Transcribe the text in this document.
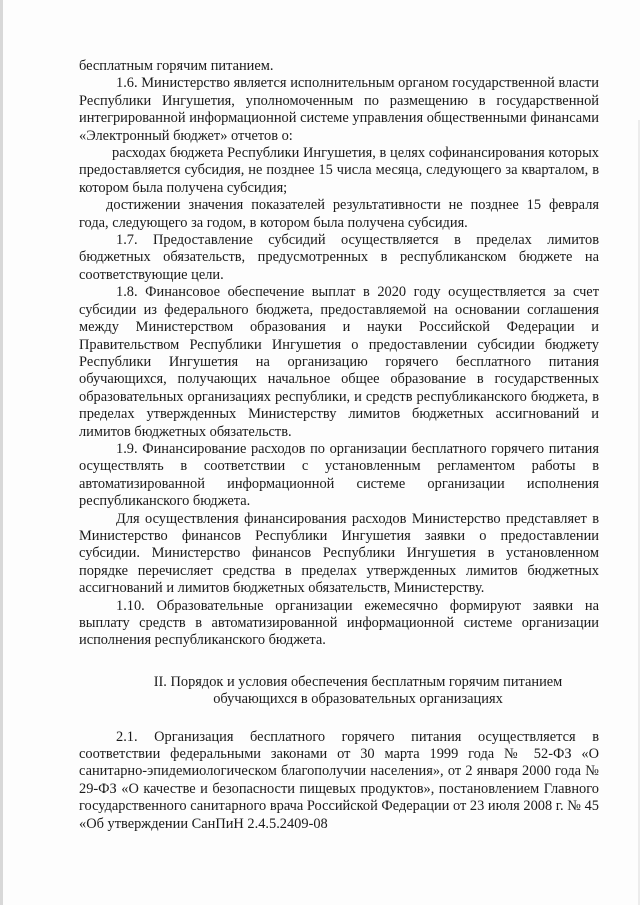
бесплатным горячим питанием.

1.6. Министерство является исполнительным органом государственной власти Республики Ингушетия, уполномоченным по размещению в государственной интегрированной информационной системе управления общественными финансами «Электронный бюджет» отчетов о:

расходах бюджета Республики Ингушетия, в целях софинансирования которых предоставляется субсидия, не позднее 15 числа месяца, следующего за кварталом, в котором была получена субсидия;

достижении значения показателей результативности не позднее 15 февраля года, следующего за годом, в котором была получена субсидия.

1.7. Предоставление субсидий осуществляется в пределах лимитов бюджетных обязательств, предусмотренных в республиканском бюджете на соответствующие цели.

1.8. Финансовое обеспечение выплат в 2020 году осуществляется за счет субсидии из федерального бюджета, предоставляемой на основании соглашения между Министерством образования и науки Российской Федерации и Правительством Республики Ингушетия о предоставлении субсидии бюджету Республики Ингушетия на организацию горячего бесплатного питания обучающихся, получающих начальное общее образование в государственных образовательных организациях республики, и средств республиканского бюджета, в пределах утвержденных Министерству лимитов бюджетных ассигнований и лимитов бюджетных обязательств.

1.9. Финансирование расходов по организации бесплатного горячего питания осуществлять в соответствии с установленным регламентом работы в автоматизированной информационной системе организации исполнения республиканского бюджета.

Для осуществления финансирования расходов Министерство представляет в Министерство финансов Республики Ингушетия заявки о предоставлении субсидии. Министерство финансов Республики Ингушетия в установленном порядке перечисляет средства в пределах утвержденных лимитов бюджетных ассигнований и лимитов бюджетных обязательств, Министерству.

1.10. Образовательные организации ежемесячно формируют заявки на выплату средств в автоматизированной информационной системе организации исполнения республиканского бюджета.

II. Порядок и условия обеспечения бесплатным горячим питанием
обучающихся в образовательных организациях

2.1. Организация бесплатного горячего питания осуществляется в соответствии федеральными законами от 30 марта 1999 года № 52-ФЗ «О санитарно-эпидемиологическом благополучии населения», от 2 января 2000 года № 29-ФЗ «О качестве и безопасности пищевых продуктов», постановлением Главного государственного санитарного врача Российской Федерации от 23 июля 2008 г. № 45 «Об утверждении СанПиН 2.4.5.2409-08
